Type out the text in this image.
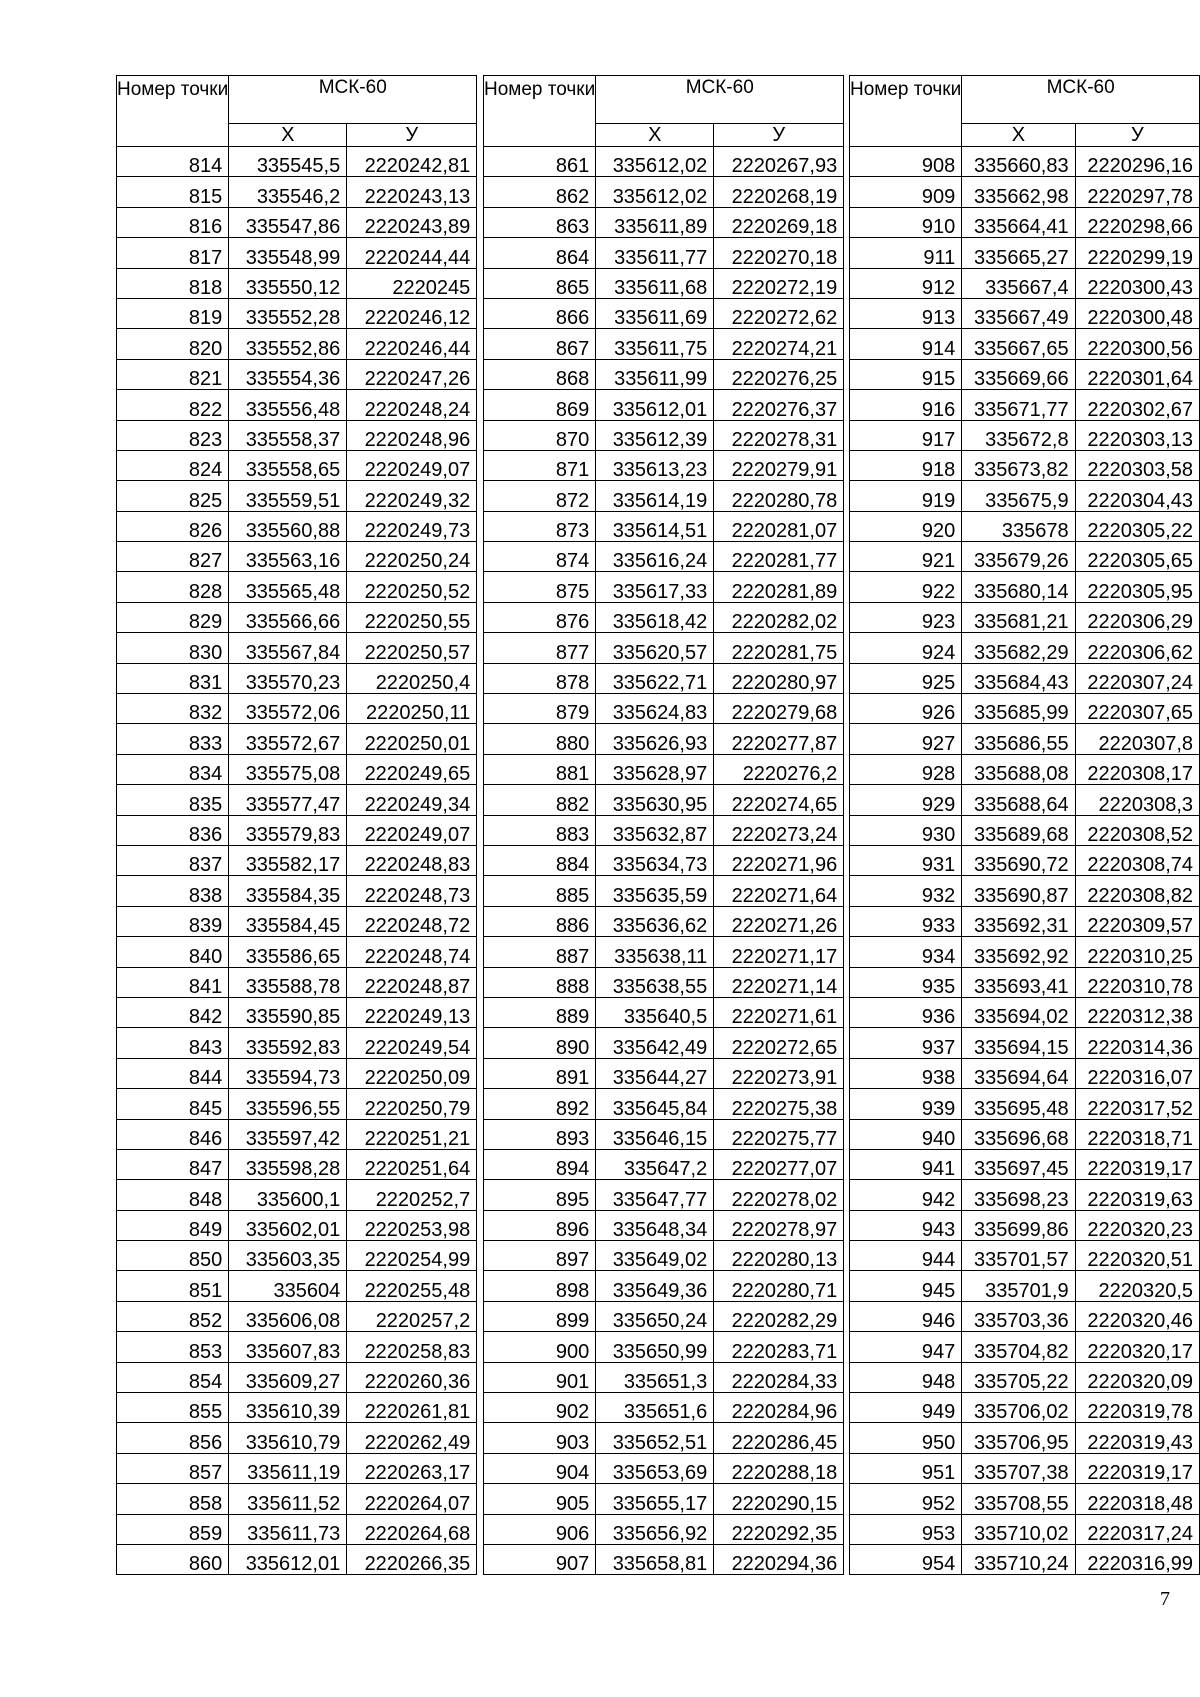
Номер точки	МСК-60	
	X	У
814	335545,5	2220242,81
815	335546,2	2220243,13
816	335547,86	2220243,89
817	335548,99	2220244,44
818	335550,12	2220245
819	335552,28	2220246,12
820	335552,86	2220246,44
821	335554,36	2220247,26
822	335556,48	2220248,24
823	335558,37	2220248,96
824	335558,65	2220249,07
825	335559,51	2220249,32
826	335560,88	2220249,73
827	335563,16	2220250,24
828	335565,48	2220250,52
829	335566,66	2220250,55
830	335567,84	2220250,57
831	335570,23	2220250,4
832	335572,06	2220250,11
833	335572,67	2220250,01
834	335575,08	2220249,65
835	335577,47	2220249,34
836	335579,83	2220249,07
837	335582,17	2220248,83
838	335584,35	2220248,73
839	335584,45	2220248,72
840	335586,65	2220248,74
841	335588,78	2220248,87
842	335590,85	2220249,13
843	335592,83	2220249,54
844	335594,73	2220250,09
845	335596,55	2220250,79
846	335597,42	2220251,21
847	335598,28	2220251,64
848	335600,1	2220252,7
849	335602,01	2220253,98
850	335603,35	2220254,99
851	335604	2220255,48
852	335606,08	2220257,2
853	335607,83	2220258,83
854	335609,27	2220260,36
855	335610,39	2220261,81
856	335610,79	2220262,49
857	335611,19	2220263,17
858	335611,52	2220264,07
859	335611,73	2220264,68
860	335612,01	2220266,35
Номер точки	МСК-60	
	X	У
861	335612,02	2220267,93
862	335612,02	2220268,19
863	335611,89	2220269,18
864	335611,77	2220270,18
865	335611,68	2220272,19
866	335611,69	2220272,62
867	335611,75	2220274,21
868	335611,99	2220276,25
869	335612,01	2220276,37
870	335612,39	2220278,31
871	335613,23	2220279,91
872	335614,19	2220280,78
873	335614,51	2220281,07
874	335616,24	2220281,77
875	335617,33	2220281,89
876	335618,42	2220282,02
877	335620,57	2220281,75
878	335622,71	2220280,97
879	335624,83	2220279,68
880	335626,93	2220277,87
881	335628,97	2220276,2
882	335630,95	2220274,65
883	335632,87	2220273,24
884	335634,73	2220271,96
885	335635,59	2220271,64
886	335636,62	2220271,26
887	335638,11	2220271,17
888	335638,55	2220271,14
889	335640,5	2220271,61
890	335642,49	2220272,65
891	335644,27	2220273,91
892	335645,84	2220275,38
893	335646,15	2220275,77
894	335647,2	2220277,07
895	335647,77	2220278,02
896	335648,34	2220278,97
897	335649,02	2220280,13
898	335649,36	2220280,71
899	335650,24	2220282,29
900	335650,99	2220283,71
901	335651,3	2220284,33
902	335651,6	2220284,96
903	335652,51	2220286,45
904	335653,69	2220288,18
905	335655,17	2220290,15
906	335656,92	2220292,35
907	335658,81	2220294,36
Номер точки	МСК-60	
	X	У
908	335660,83	2220296,16
909	335662,98	2220297,78
910	335664,41	2220298,66
911	335665,27	2220299,19
912	335667,4	2220300,43
913	335667,49	2220300,48
914	335667,65	2220300,56
915	335669,66	2220301,64
916	335671,77	2220302,67
917	335672,8	2220303,13
918	335673,82	2220303,58
919	335675,9	2220304,43
920	335678	2220305,22
921	335679,26	2220305,65
922	335680,14	2220305,95
923	335681,21	2220306,29
924	335682,29	2220306,62
925	335684,43	2220307,24
926	335685,99	2220307,65
927	335686,55	2220307,8
928	335688,08	2220308,17
929	335688,64	2220308,3
930	335689,68	2220308,52
931	335690,72	2220308,74
932	335690,87	2220308,82
933	335692,31	2220309,57
934	335692,92	2220310,25
935	335693,41	2220310,78
936	335694,02	2220312,38
937	335694,15	2220314,36
938	335694,64	2220316,07
939	335695,48	2220317,52
940	335696,68	2220318,71
941	335697,45	2220319,17
942	335698,23	2220319,63
943	335699,86	2220320,23
944	335701,57	2220320,51
945	335701,9	2220320,5
946	335703,36	2220320,46
947	335704,82	2220320,17
948	335705,22	2220320,09
949	335706,02	2220319,78
950	335706,95	2220319,43
951	335707,38	2220319,17
952	335708,55	2220318,48
953	335710,02	2220317,24
954	335710,24	2220316,99
7
